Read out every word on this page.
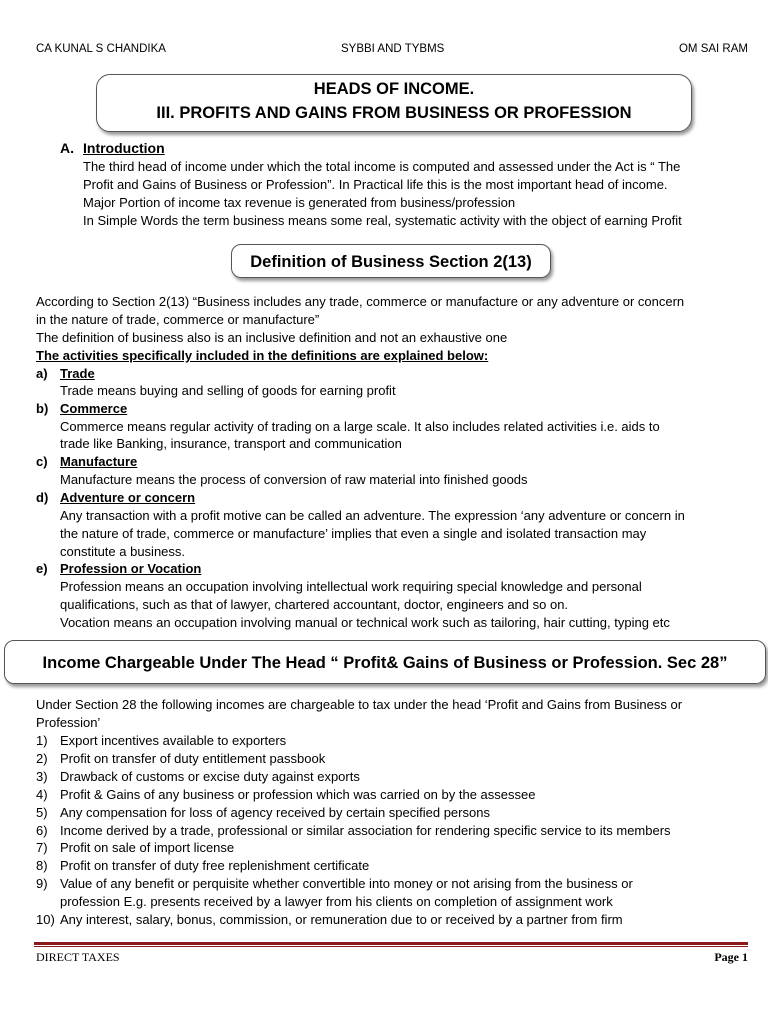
CA KUNAL S CHANDIKA	SYBBI AND TYBMS	OM SAI RAM
HEADS OF INCOME.
III. PROFITS AND GAINS FROM BUSINESS OR PROFESSION
A. Introduction
The third head of income under which the total income is computed and assessed under the Act is “ The
Profit and Gains of Business or Profession”. In Practical life this is the most important head of income.
Major Portion of income tax revenue is generated from business/profession
In Simple Words the term business means some real, systematic activity with the object of earning Profit
Definition of Business Section 2(13)
According to Section 2(13) “Business includes any trade, commerce or manufacture or any adventure or concern
in the nature of trade, commerce or manufacture”
The definition of business also is an inclusive definition and not an exhaustive one
The activities specifically included in the definitions are explained below:
a) Trade
Trade means buying and selling of goods for earning profit
b) Commerce
Commerce means regular activity of trading on a large scale. It also includes related activities i.e. aids to
trade like Banking, insurance, transport and communication
c) Manufacture
Manufacture means the process of conversion of raw material into finished goods
d) Adventure or concern
Any transaction with a profit motive can be called an adventure. The expression ‘any adventure or concern in
the nature of trade, commerce or manufacture’ implies that even a single and isolated transaction may
constitute a business.
e) Profession or Vocation
Profession means an occupation involving intellectual work requiring special knowledge and personal
qualifications, such as that of lawyer, chartered accountant, doctor, engineers and so on.
Vocation means an occupation involving manual or technical work such as tailoring, hair cutting, typing etc
Income Chargeable Under The Head “ Profit& Gains of Business or Profession. Sec 28”
Under Section 28 the following incomes are chargeable to tax under the head ‘Profit and Gains from Business or
Profession’
1) Export incentives available to exporters
2) Profit on transfer of duty entitlement passbook
3) Drawback of customs or excise duty against exports
4) Profit & Gains of any business or profession which was carried on by the assessee
5) Any compensation for loss of agency received by certain specified persons
6) Income derived by a trade, professional or similar association for rendering specific service to its members
7) Profit on sale of import license
8) Profit on transfer of duty free replenishment certificate
9) Value of any benefit or perquisite whether convertible into money or not arising from the business or
profession E.g. presents received by a lawyer from his clients on completion of assignment work
10) Any interest, salary, bonus, commission, or remuneration due to or received by a partner from firm
DIRECT TAXES	Page 1
